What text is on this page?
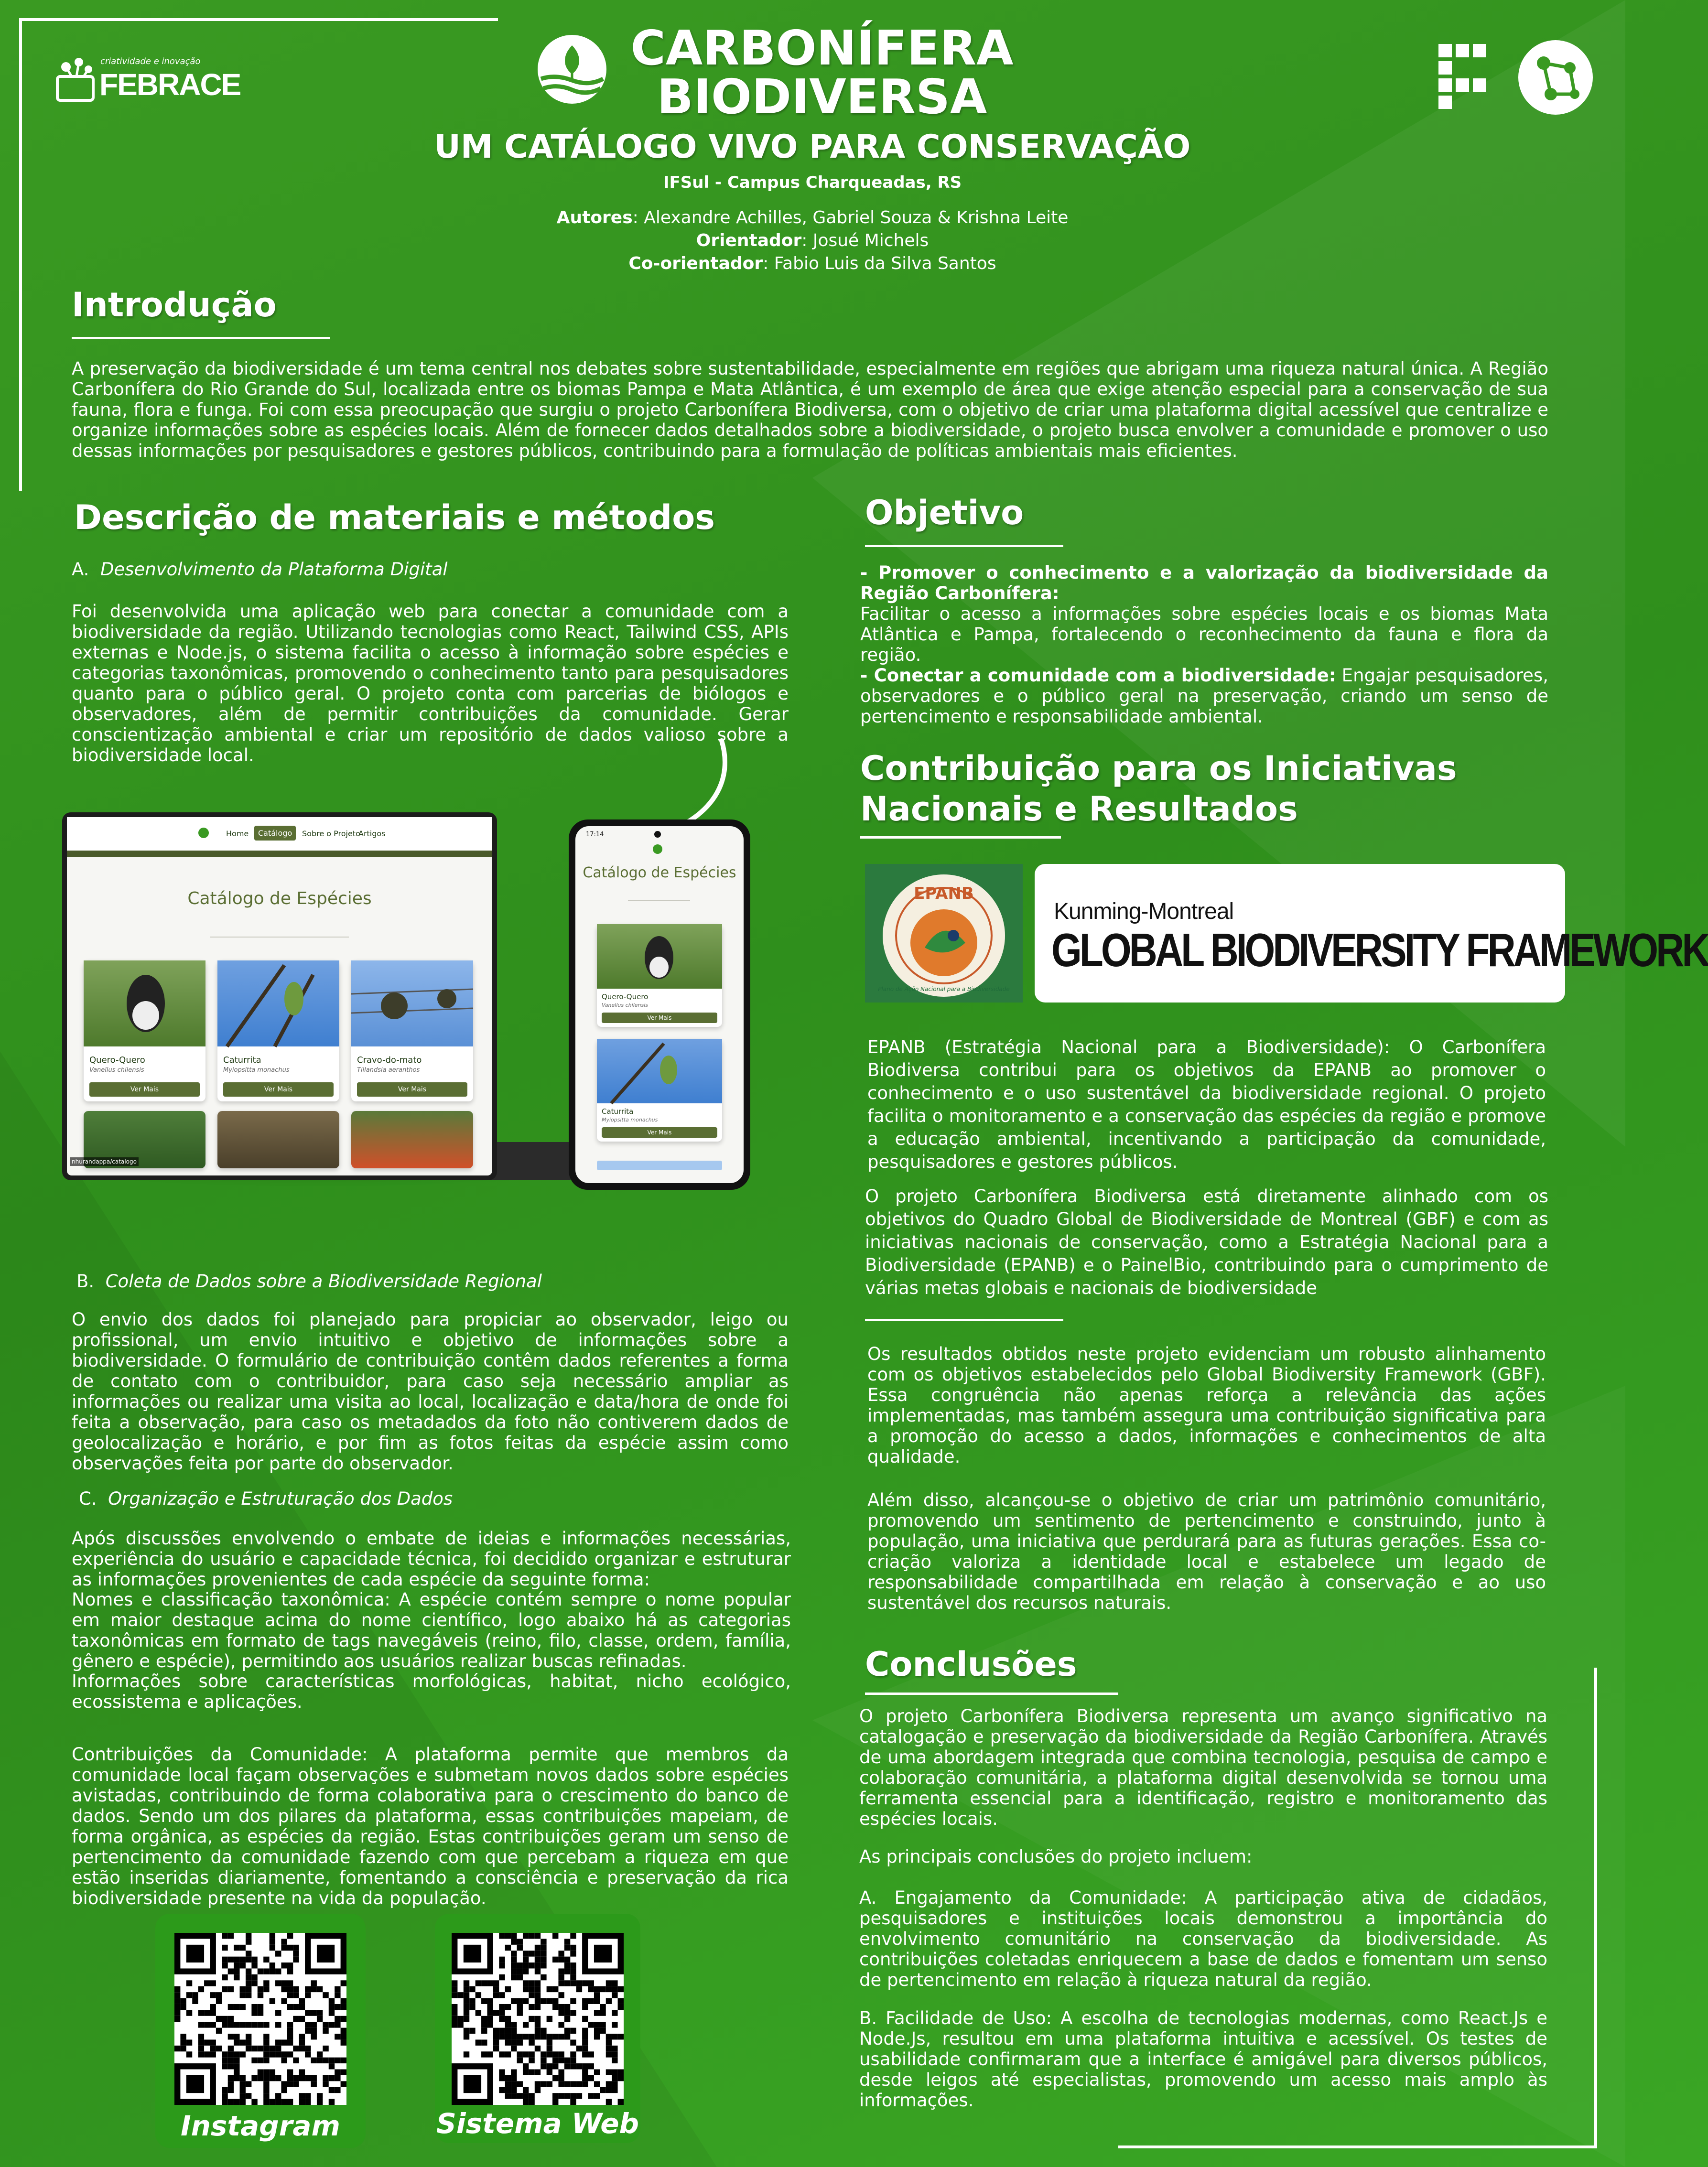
criatividade e inovação
FEBRACE
CARBONÍFERA
BIODIVERSA
UM CATÁLOGO VIVO PARA CONSERVAÇÃO
IFSul - Campus Charqueadas, RS
Autores: Alexandre Achilles, Gabriel Souza & Krishna Leite
Orientador: Josué Michels
Co-orientador: Fabio Luis da Silva Santos
Introdução

A preservação da biodiversidade é um tema central nos debates sobre sustentabilidade, especialmente em regiões que abrigam uma riqueza natural única. A Região Carbonífera do Rio Grande do Sul, localizada entre os biomas Pampa e Mata Atlântica, é um exemplo de área que exige atenção especial para a conservação de sua fauna, flora e funga. Foi com essa preocupação que surgiu o projeto Carbonífera Biodiversa, com o objetivo de criar uma plataforma digital acessível que centralize e organize informações sobre as espécies locais. Além de fornecer dados detalhados sobre a biodiversidade, o projeto busca envolver a comunidade e promover o uso dessas informações por pesquisadores e gestores públicos, contribuindo para a formulação de políticas ambientais mais eficientes.

Descrição de materiais e métodos

A. Desenvolvimento da Plataforma Digital

Foi desenvolvida uma aplicação web para conectar a comunidade com a biodiversidade da região. Utilizando tecnologias como React, Tailwind CSS, APIs externas e Node.js, o sistema facilita o acesso à informação sobre espécies e categorias taxonômicas, promovendo o conhecimento tanto para pesquisadores quanto para o público geral. O projeto conta com parcerias de biólogos e observadores, além de permitir contribuições da comunidade. Gerar conscientização ambiental e criar um repositório de dados valioso sobre a biodiversidade local.

Home	Catálogo	Sobre o Projeto
Artigos
Catálogo de Espécies
Quero-Quero
Vanellus chilensis
Ver Mais
Caturrita
Myiopsitta monachus
Ver Mais
Cravo-do-mato
Tillandsia aeranthos
Ver Mais
nhurandappa/catalogo
17:14
Catálogo de Espécies
Quero-Quero
Vanellus chilensis
Ver Mais
Caturrita
Myiopsitta monachus
Ver Mais

B. Coleta de Dados sobre a Biodiversidade Regional

O envio dos dados foi planejado para propiciar ao observador, leigo ou profissional, um envio intuitivo e objetivo de informações sobre a biodiversidade. O formulário de contribuição contêm dados referentes a forma de contato com o contribuidor, para caso seja necessário ampliar as informações ou realizar uma visita ao local, localização e data/hora de onde foi feita a observação, para caso os metadados da foto não contiverem dados de geolocalização e horário, e por fim as fotos feitas da espécie assim como observações feita por parte do observador.

C. Organização e Estruturação dos Dados

Após discussões envolvendo o embate de ideias e informações necessárias, experiência do usuário e capacidade técnica, foi decidido organizar e estruturar as informações provenientes de cada espécie da seguinte forma:

Nomes e classificação taxonômica: A espécie contém sempre o nome popular em maior destaque acima do nome científico, logo abaixo há as categorias taxonômicas em formato de tags navegáveis (reino, filo, classe, ordem, família, gênero e espécie), permitindo aos usuários realizar buscas refinadas.

Informações sobre características morfológicas, habitat, nicho ecológico, ecossistema e aplicações.

Contribuições da Comunidade: A plataforma permite que membros da comunidade local façam observações e submetam novos dados sobre espécies avistadas, contribuindo de forma colaborativa para o crescimento do banco de dados. Sendo um dos pilares da plataforma, essas contribuições mapeiam, de forma orgânica, as espécies da região. Estas contribuições geram um senso de pertencimento da comunidade fazendo com que percebam a riqueza em que estão inseridas diariamente, fomentando a consciência e preservação da rica biodiversidade presente na vida da população.

Instagram	Sistema Web
Objetivo

- Promover o conhecimento e a valorização da biodiversidade da Região Carbonífera:
Facilitar o acesso a informações sobre espécies locais e os biomas Mata Atlântica e Pampa, fortalecendo o reconhecimento da fauna e flora da região.
- Conectar a comunidade com a biodiversidade: Engajar pesquisadores, observadores e o público geral na preservação, criando um senso de pertencimento e responsabilidade ambiental.

Contribuição para os Iniciativas
Nacionais e Resultados
EPANB
Plano de Ação Nacional para a Biodiversidade
Kunming-Montreal
GLOBAL BIODIVERSITY FRAMEWORK

EPANB (Estratégia Nacional para a Biodiversidade): O Carbonífera Biodiversa contribui para os objetivos da EPANB ao promover o conhecimento e o uso sustentável da biodiversidade regional. O projeto facilita o monitoramento e a conservação das espécies da região e promove a educação ambiental, incentivando a participação da comunidade, pesquisadores e gestores públicos.

O projeto Carbonífera Biodiversa está diretamente alinhado com os objetivos do Quadro Global de Biodiversidade de Montreal (GBF) e com as iniciativas nacionais de conservação, como a Estratégia Nacional para a Biodiversidade (EPANB) e o PainelBio, contribuindo para o cumprimento de várias metas globais e nacionais de biodiversidade

Os resultados obtidos neste projeto evidenciam um robusto alinhamento com os objetivos estabelecidos pelo Global Biodiversity Framework (GBF). Essa congruência não apenas reforça a relevância das ações implementadas, mas também assegura uma contribuição significativa para a promoção do acesso a dados, informações e conhecimentos de alta qualidade.

Além disso, alcançou-se o objetivo de criar um patrimônio comunitário, promovendo um sentimento de pertencimento e construindo, junto à população, uma iniciativa que perdurará para as futuras gerações. Essa co-criação valoriza a identidade local e estabelece um legado de responsabilidade compartilhada em relação à conservação e ao uso sustentável dos recursos naturais.

Conclusões

O projeto Carbonífera Biodiversa representa um avanço significativo na catalogação e preservação da biodiversidade da Região Carbonífera. Através de uma abordagem integrada que combina tecnologia, pesquisa de campo e colaboração comunitária, a plataforma digital desenvolvida se tornou uma ferramenta essencial para a identificação, registro e monitoramento das espécies locais.

As principais conclusões do projeto incluem:

A. Engajamento da Comunidade: A participação ativa de cidadãos, pesquisadores e instituições locais demonstrou a importância do envolvimento comunitário na conservação da biodiversidade. As contribuições coletadas enriquecem a base de dados e fomentam um senso de pertencimento em relação à riqueza natural da região.

B. Facilidade de Uso: A escolha de tecnologias modernas, como React.Js e Node.Js, resultou em uma plataforma intuitiva e acessível. Os testes de usabilidade confirmaram que a interface é amigável para diversos públicos, desde leigos até especialistas, promovendo um acesso mais amplo às informações.
